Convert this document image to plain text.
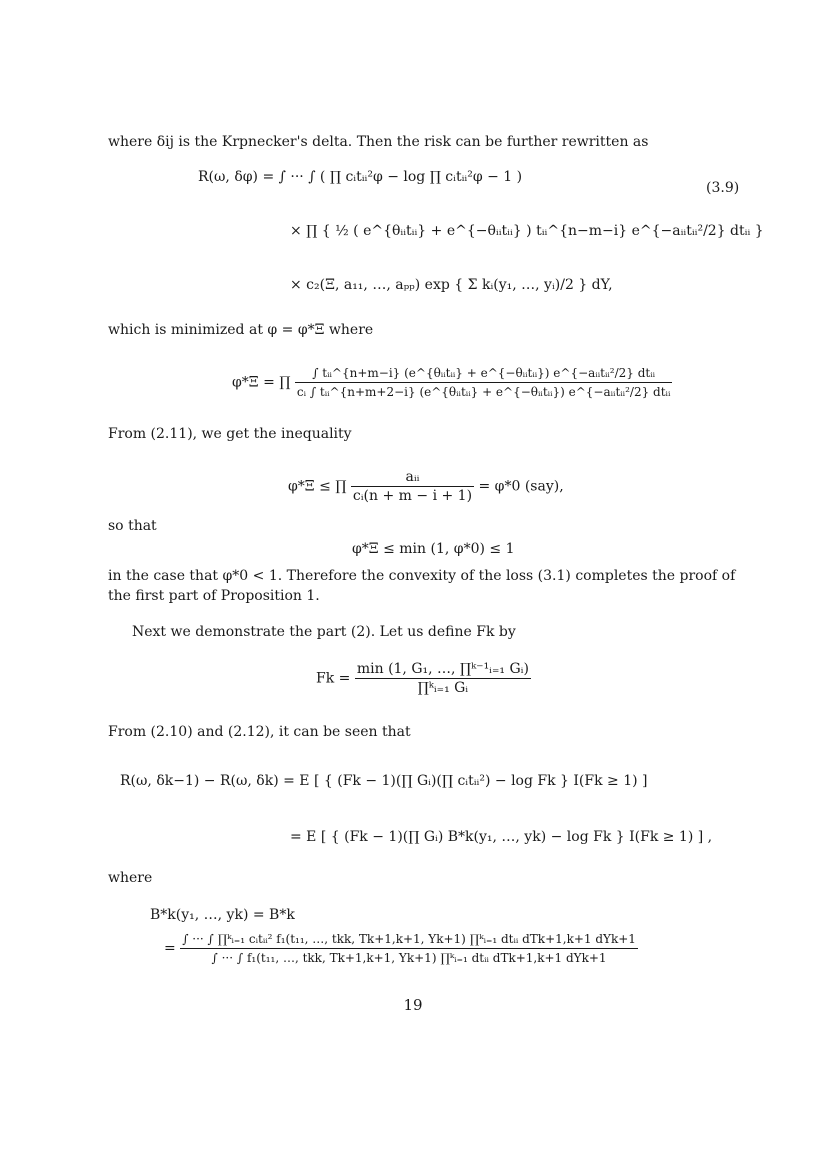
where δij is the Krpnecker's delta. Then the risk can be further rewritten as
R(ω, δφ) = ∫ ··· ∫ ( ∏ cᵢtᵢᵢ²φ − log ∏ cᵢtᵢᵢ²φ − 1 )
(3.9)
× ∏ { ½ ( e^{θᵢᵢtᵢᵢ} + e^{−θᵢᵢtᵢᵢ} ) tᵢᵢ^{n−m−i} e^{−aᵢᵢtᵢᵢ²/2} dtᵢᵢ }
× c₂(Ξ, a₁₁, …, aₚₚ) exp { Σ kᵢ(y₁, …, yᵢ)/2 } dY,
which is minimized at φ = φ*Ξ where
φ*Ξ = ∏
∫ tᵢᵢ^{n+m−i} (e^{θᵢᵢtᵢᵢ} + e^{−θᵢᵢtᵢᵢ}) e^{−aᵢᵢtᵢᵢ²/2} dtᵢᵢ
cᵢ ∫ tᵢᵢ^{n+m+2−i} (e^{θᵢᵢtᵢᵢ} + e^{−θᵢᵢtᵢᵢ}) e^{−aᵢᵢtᵢᵢ²/2} dtᵢᵢ
From (2.11), we get the inequality
φ*Ξ ≤ ∏ $\frac{\text{aᵢᵢ}}{\text{cᵢ(n + m − i + 1)}} = \varphi*0$ (say),
so that
φ*Ξ ≤ min (1, φ*0) ≤ 1
in the case that φ*0 < 1. Therefore the convexity of the loss (3.1) completes the proof of the first part of Proposition 1.
Next we demonstrate the part (2). Let us define Fk by
$Fk = \frac{\text{min (1, G₁, …, ∏ᵏ⁻¹ᵢ₌₁ Gᵢ)}}{\text{∏ᵏᵢ₌₁ Gᵢ}}$
From (2.10) and (2.12), it can be seen that
R(ω, δk−1) − R(ω, δk) = E [ { (Fk − 1)(∏ Gᵢ)(∏ cᵢtᵢᵢ²) − log Fk } I(Fk ≥ 1) ]
= E [ { (Fk − 1)(∏ Gᵢ) B*k(y₁, …, yk) − log Fk } I(Fk ≥ 1) ] ,
where
B*k(y₁, …, yk) = B*k
=
∫ ··· ∫ ∏ᵏᵢ₌₁ cᵢtᵢᵢ² f₁(t₁₁, …, tkk, Tk+1,k+1, Yk+1) ∏ᵏᵢ₌₁ dtᵢᵢ dTk+1,k+1 dYk+1
∫ ··· ∫ f₁(t₁₁, …, tkk, Tk+1,k+1, Yk+1) ∏ᵏᵢ₌₁ dtᵢᵢ dTk+1,k+1 dYk+1
19
